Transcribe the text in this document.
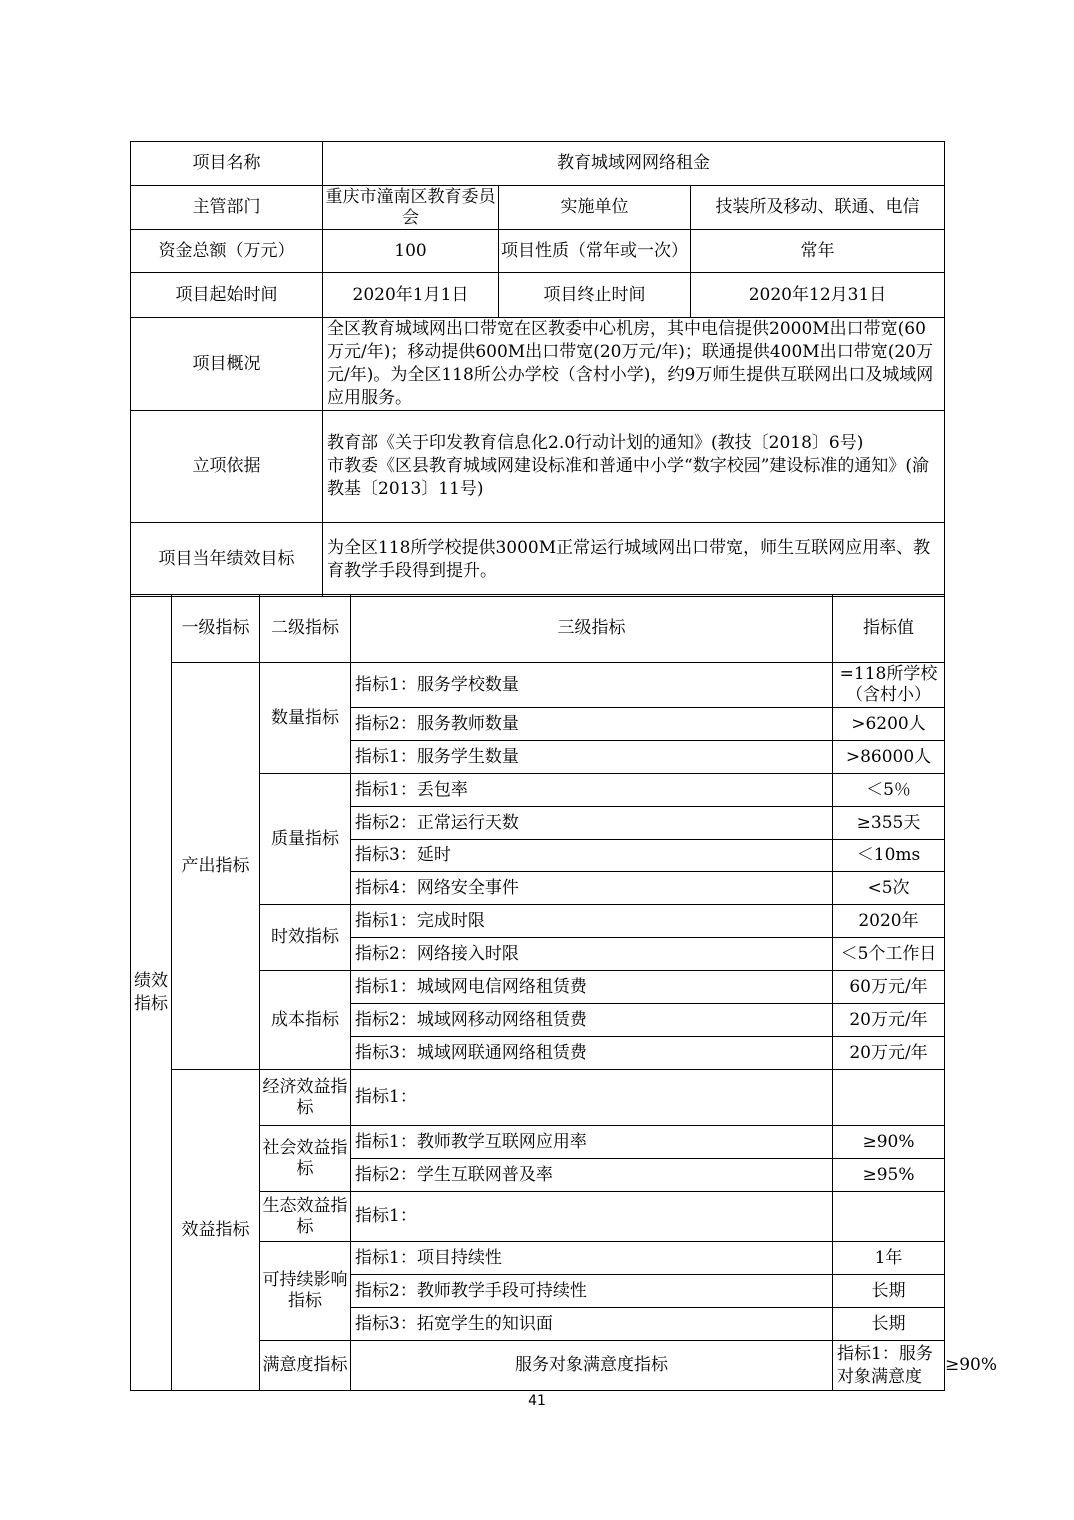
项目名称	教育城域网网络租金		
主管部门	重庆市潼南区教育委员会	实施单位	技装所及移动、联通、电信
资金总额（万元）	100	项目性质（常年或一次）	常年
项目起始时间	2020年1月1日	项目终止时间	2020年12月31日
项目概况	全区教育城域网出口带宽在区教委中心机房，其中电信提供2000M出口带宽(60万元/年)；移动提供600M出口带宽(20万元/年)；联通提供400M出口带宽(20万元/年)。为全区118所公办学校（含村小学)，约9万师生提供互联网出口及城域网应用服务。		
立项依据	教育部《关于印发教育信息化2.0行动计划的通知》(教技〔2018〕6号)
市教委《区县教育城域网建设标准和普通中小学“数字校园”建设标准的通知》(渝教基〔2013〕11号)		

项目当年绩效目标	为全区118所学校提供3000M正常运行城域网出口带宽，师生互联网应用率、教育教学手段得到提升。		
绩效指标	一级指标	二级指标	三级指标	指标值	
	产出指标	数量指标	指标1：服务学校数量	=118所学校（含村小）	
			指标2：服务教师数量	>6200人	
			指标1：服务学生数量	>86000人	
		质量指标	指标1：丢包率	＜5％	
			指标2：正常运行天数	≥355天	
			指标3：延时	＜10ms	
			指标4：网络安全事件	<5次	
		时效指标	指标1：完成时限	2020年	
			指标2：网络接入时限	＜5个工作日	
		成本指标	指标1：城域网电信网络租赁费	60万元/年	
			指标2：城域网移动网络租赁费	20万元/年	
			指标3：城域网联通网络租赁费	20万元/年	
	效益指标	经济效益指标	指标1：		
		社会效益指标	指标1：教师教学互联网应用率	≥90%	
			指标2：学生互联网普及率	≥95%	
		生态效益指标	指标1：		
		可持续影响指标	指标1：项目持续性	1年	
			指标2：教师教学手段可持续性	长期	
			指标3：拓宽学生的知识面	长期	
		满意度指标	服务对象满意度指标	指标1：服务对象满意度	≥90%
41
